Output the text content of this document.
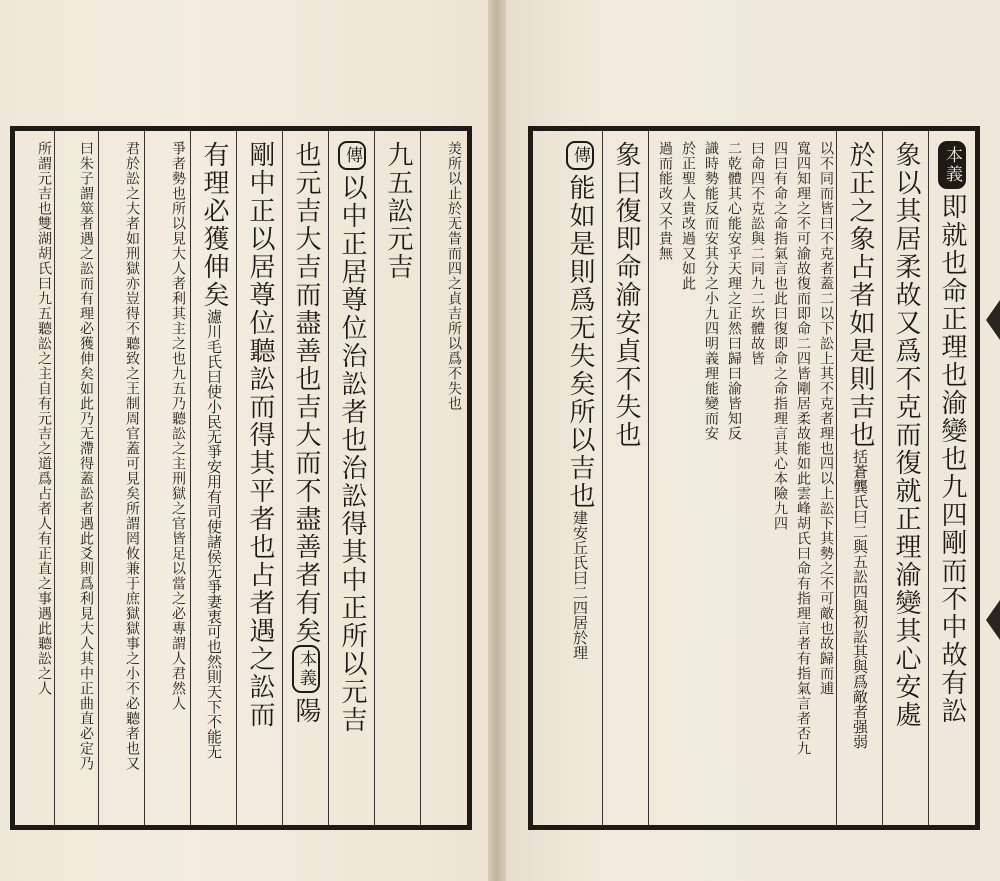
羙所以止於无眚而四之貞吉所以爲不失也
九五訟元吉
傳以中正居尊位治訟者也治訟得其中正所以元吉
也元吉大吉而盡善也吉大而不盡善者有矣本義陽
剛中正以居尊位聽訟而得其平者也占者遇之訟而
有理必獲伸矣濾川毛氏曰使小民无爭安用有司使諸侯无爭妻衷可也然則天下不能无
爭者勢也所以見大人者利其主之也九五乃聽訟之主刑獄之官皆足以當之必專謂人君然人
君於訟之大者如刑獄亦豈得不聽致之王制周官蓋可見矣所謂罔攸兼于庶獄獄事之小不必聽者也又
曰朱子謂筮者遇之訟而有理必獲伸矣如此乃无滯得蓋訟者遇此爻則爲利見大人其中正曲直必定乃
所謂元吉也雙湖胡氏曰九五聽訟之主自有元吉之道爲占者人有正直之事遇此聽訟之人	本義即就也命正理也渝變也九四剛而不中故有訟
象以其居柔故又爲不克而復就正理渝變其心安處
於正之象占者如是則吉也括蒼龔氏曰二與五訟四與初訟其與爲敵者强弱
以不同而皆曰不克者蓋二以下訟上其不克者理也四以上訟下其勢之不可敵也故歸而逋
寬四知理之不可渝故復而即命二四皆剛居柔故能如此雲峰胡氏曰命有指理言者有指氣言者否九
四曰有命之命指氣言也此曰復即命之命指理言其心本險九四
曰命四不克訟與二同九二坎體故皆
二乾體其心能安乎天理之正然曰歸曰渝皆知反
識時勢能反而安其分之小九四明義理能變而安
於正聖人貴改過又如此
過而能改又不貴無
象曰復即命渝安貞不失也
傳能如是則爲无失矣所以吉也建安丘氏曰二四居於理
